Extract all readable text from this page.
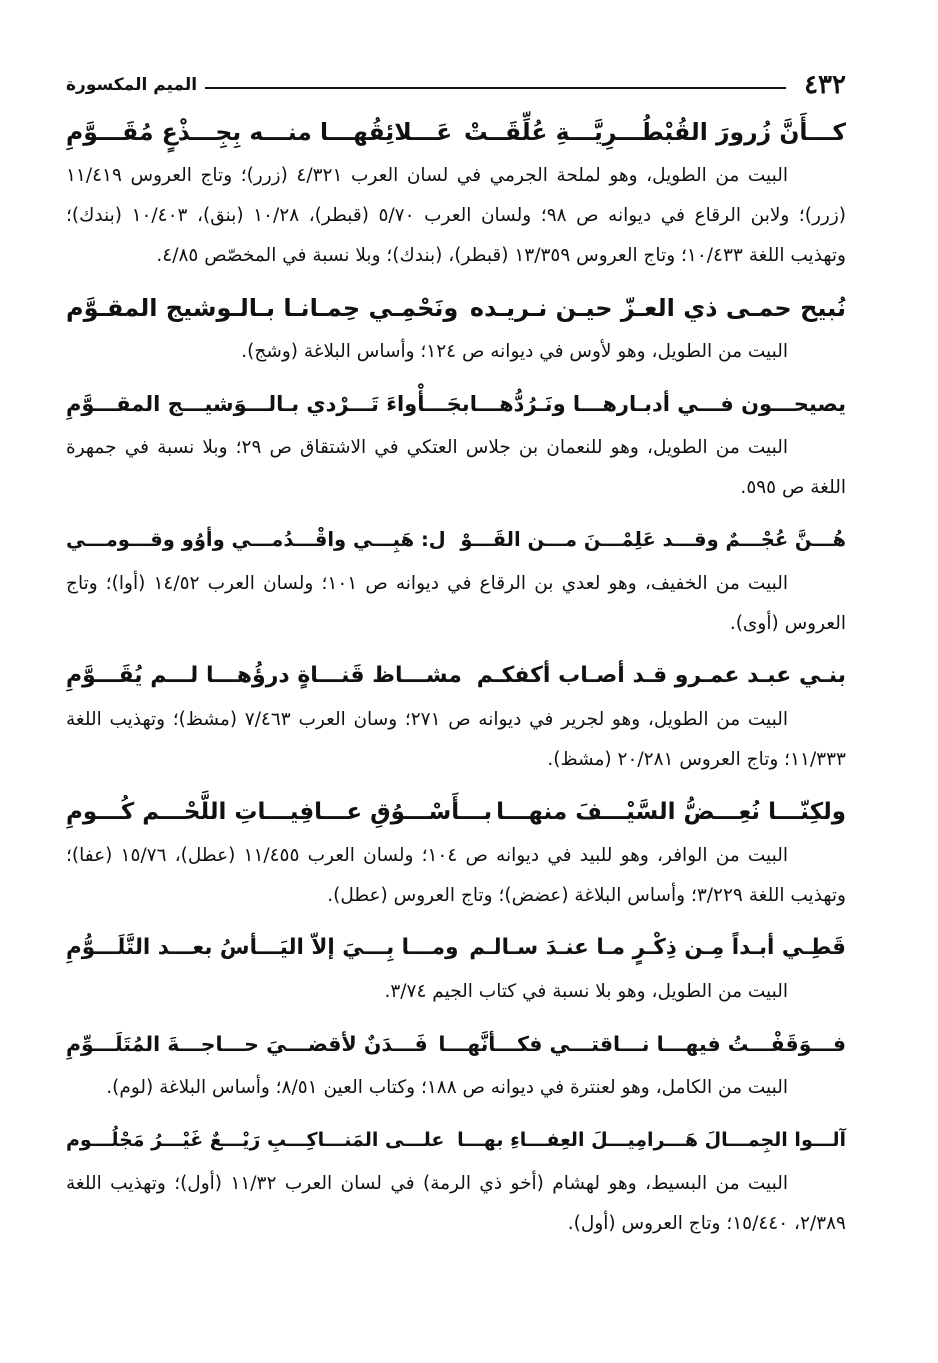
٤٣٢
الميم المكسورة
كـــأَنَّ زُرورَ القُبْطُـــرِيَّـــةِ عُلِّقَــتْ
عَـــلائِقُهـــا منـــه بِجِـــذْعٍ مُقَـــوَّمِ

البيت من الطويل، وهو لملحة الجرمي في لسان العرب ٤/٣٢١ (زرر)؛ وتاج العروس ١١/٤١٩ (زرر)؛ ولابن الرقاع في ديوانه ص ٩٨؛ ولسان العرب ٥/٧٠ (قبطر)، ١٠/٢٨ (بنق)، ١٠/٤٠٣ (بندك)؛ وتهذيب اللغة ١٠/٤٣٣؛ وتاج العروس ١٣/٣٥٩ (قبطر)، (بندك)؛ وبلا نسبة في المخصّص ٤/٨٥.

نُبيح حمـى ذي العـزّ حيـن نـريـده
ونَحْمِـي حِمـانـا بـالـوشيج المقـوَّم

البيت من الطويل، وهو لأوس في ديوانه ص ١٢٤؛ وأساس البلاغة (وشج).

يصيحـــون فـــي أدبـارهـــا ونَـرُدُّهـــا
بجَـــأْواءَ تَـــرْدي بـالـــوَشيـــج المقـــوَّمِ

البيت من الطويل، وهو للنعمان بن جلاس العتكي في الاشتقاق ص ٢٩؛ وبلا نسبة في جمهرة اللغة ص ٥٩٥.

هُـــنَّ عُجْـــمٌ وقـــد عَلِمْـــنَ مـــن القَـــوْ
ل: هَبِـــي واقْـــدُمـــي وأوُو وقـــومـــي

البيت من الخفيف، وهو لعدي بن الرقاع في ديوانه ص ١٠١؛ ولسان العرب ١٤/٥٢ (أوا)؛ وتاج العروس (أوى).

بنـي عبـد عمـرو قـد أصـاب أكفكـم
مشـــاظ قَنـــاةٍ درؤُهـــا لـــم يُقَـــوَّمِ

البيت من الطويل، وهو لجرير في ديوانه ص ٢٧١؛ وسان العرب ٧/٤٦٣ (مشظ)؛ وتهذيب اللغة ١١/٣٣٣؛ وتاج العروس ٢٠/٢٨١ (مشظ).

ولكِنّـــا نُعِـــضُّ السَّيْـــفَ منهـــا
بـــأَسْـــوُقِ عـــافِيـــاتِ اللَّحْـــم كُـــومِ

البيت من الوافر، وهو للبيد في ديوانه ص ١٠٤؛ ولسان العرب ١١/٤٥٥ (عطل)، ١٥/٧٦ (عفا)؛ وتهذيب اللغة ٣/٢٢٩؛ وأساس البلاغة (عضض)؛ وتاج العروس (عطل).

قَطِـي أبـداً مِـن ذِكْـرٍ مـا عنـدَ سـالـم
ومـــا بِـــيَ إلاّ اليَـــأسُ بعـــد التَّلَـــوُّمِ

البيت من الطويل، وهو بلا نسبة في كتاب الجيم ٣/٧٤.

فـــوَقَفْـــتُ فيهـــا نـــاقتـــي فكـــأنَّهـــا
فَـــدَنٌ لأقضـــيَ حـــاجـــةَ المُتَلَـــوِّمِ

البيت من الكامل، وهو لعنترة في ديوانه ص ١٨٨؛ وكتاب العين ٨/٥١؛ وأساس البلاغة (لوم).

آلـــوا الجِمـــالَ هَـــرامِيـــلَ العِفـــاءِ بهـــا
علـــى المَنـــاكِـــبِ رَيْـــعٌ غَيْـــرُ مَجْلُـــوم

البيت من البسيط، وهو لهشام (أخو ذي الرمة) في لسان العرب ١١/٣٢ (أول)؛ وتهذيب اللغة ٢/٣٨٩، ١٥/٤٤٠؛ وتاج العروس (أول).
